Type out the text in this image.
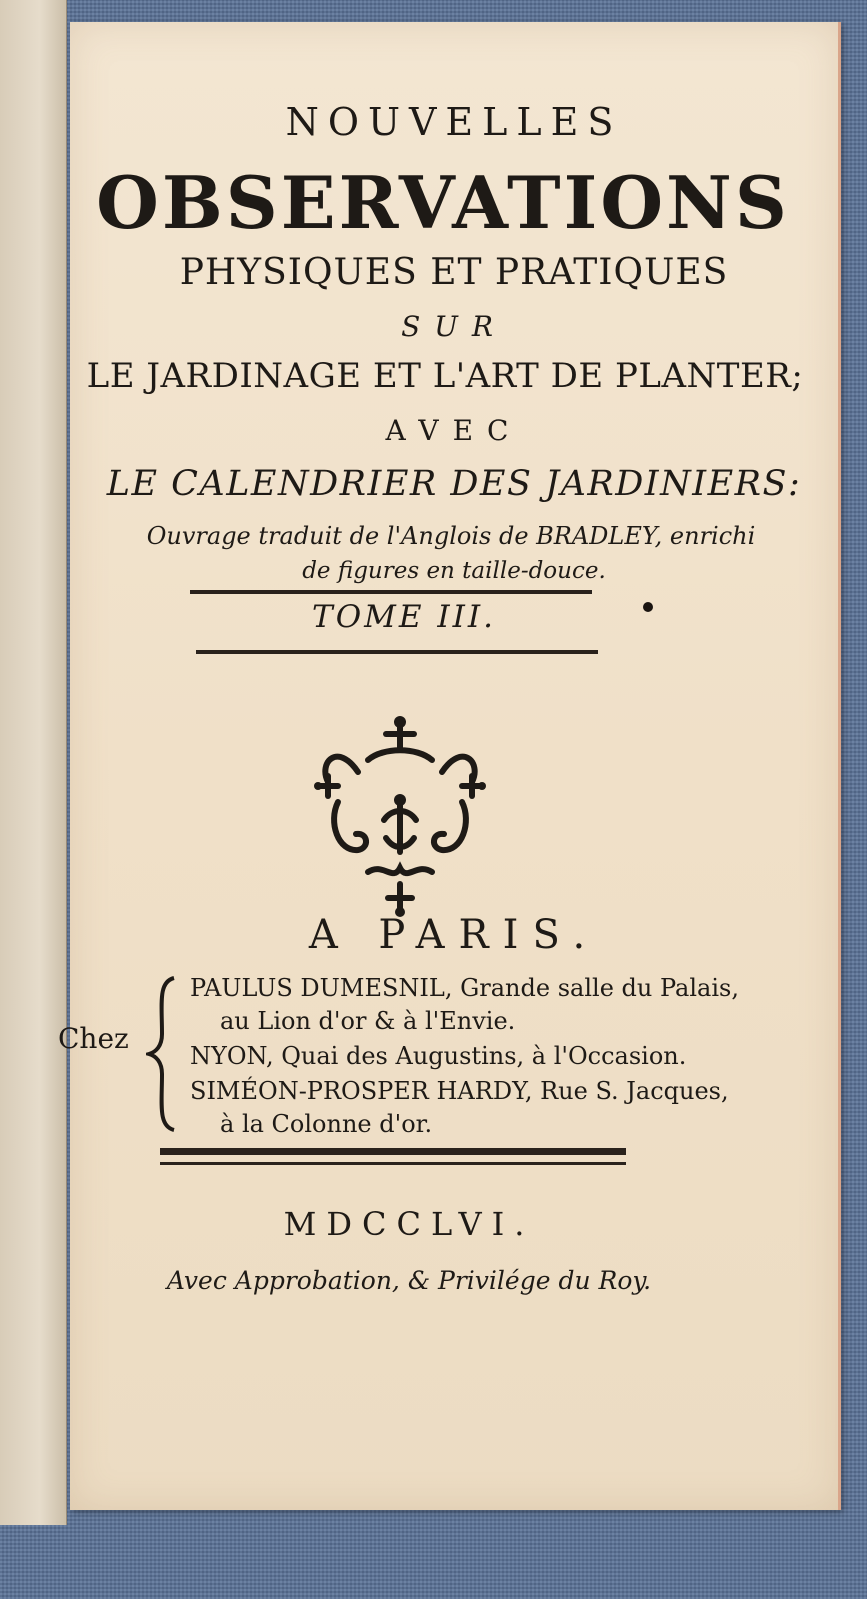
NOUVELLES
OBSERVATIONS
PHYSIQUES ET PRATIQUES
SUR
LE JARDINAGE ET L'ART DE PLANTER;
AVEC
LE CALENDRIER DES JARDINIERS:
Ouvrage traduit de l'Anglois de BRADLEY, enrichi
de figures en taille-douce.
TOME III.
A PARIS.
Chez
PAULUS DUMESNIL, Grande salle du Palais,
au Lion d'or & à l'Envie.
NYON, Quai des Augustins, à l'Occasion.
SIMÉON-PROSPER HARDY, Rue S. Jacques,
à la Colonne d'or.
MDCCLVI.
Avec Approbation, & Privilége du Roy.
